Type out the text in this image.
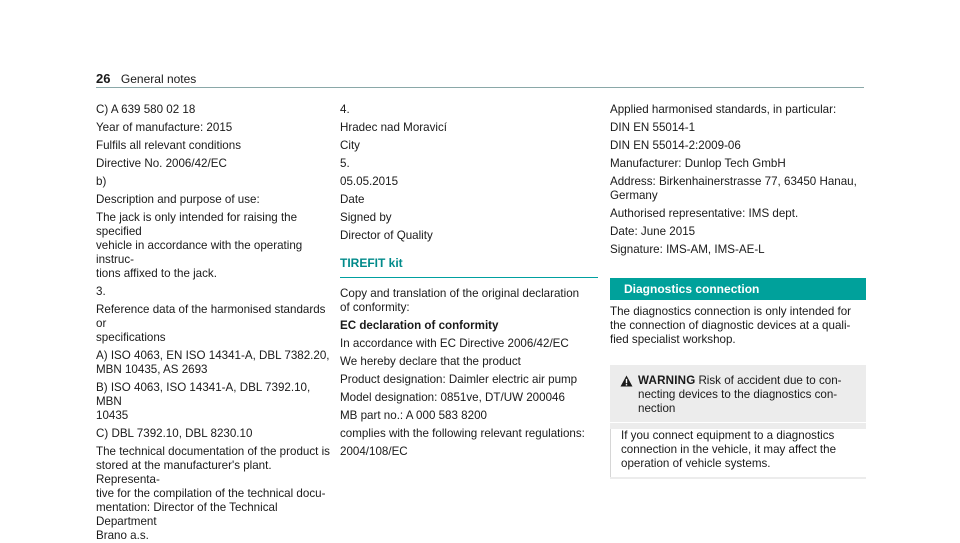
26 General notes
C) A 639 580 02 18
Year of manufacture: 2015
Fulfils all relevant conditions
Directive No. 2006/42/EC
b)
Description and purpose of use:
The jack is only intended for raising the specified
vehicle in accordance with the operating instruc-
tions affixed to the jack.
3.
Reference data of the harmonised standards or
specifications
A) ISO 4063, EN ISO 14341-A, DBL 7382.20,
MBN 10435, AS 2693
B) ISO 4063, ISO 14341-A, DBL 7392.10, MBN
10435
C) DBL 7392.10, DBL 8230.10
The technical documentation of the product is
stored at the manufacturer's plant. Representa-
tive for the compilation of the technical docu-
mentation: Director of the Technical Department
Brano a.s.
4.
Hradec nad Moravicí
City
5.
05.05.2015
Date
Signed by
Director of Quality
TIREFIT kit
Copy and translation of the original declaration
of conformity:
EC declaration of conformity
In accordance with EC Directive 2006/42/EC
We hereby declare that the product
Product designation: Daimler electric air pump
Model designation: 0851ve, DT/UW 200046
MB part no.: A 000 583 8200
complies with the following relevant regulations:
2004/108/EC
Applied harmonised standards, in particular:
DIN EN 55014-1
DIN EN 55014-2:2009-06
Manufacturer: Dunlop Tech GmbH
Address: Birkenhainerstrasse 77, 63450 Hanau,
Germany
Authorised representative: IMS dept.
Date: June 2015
Signature: IMS-AM, IMS-AE-L
Diagnostics connection
The diagnostics connection is only intended for
the connection of diagnostic devices at a quali-
fied specialist workshop.
WARNING Risk of accident due to con-
necting devices to the diagnostics con-
nection
If you connect equipment to a diagnostics
connection in the vehicle, it may affect the
operation of vehicle systems.
